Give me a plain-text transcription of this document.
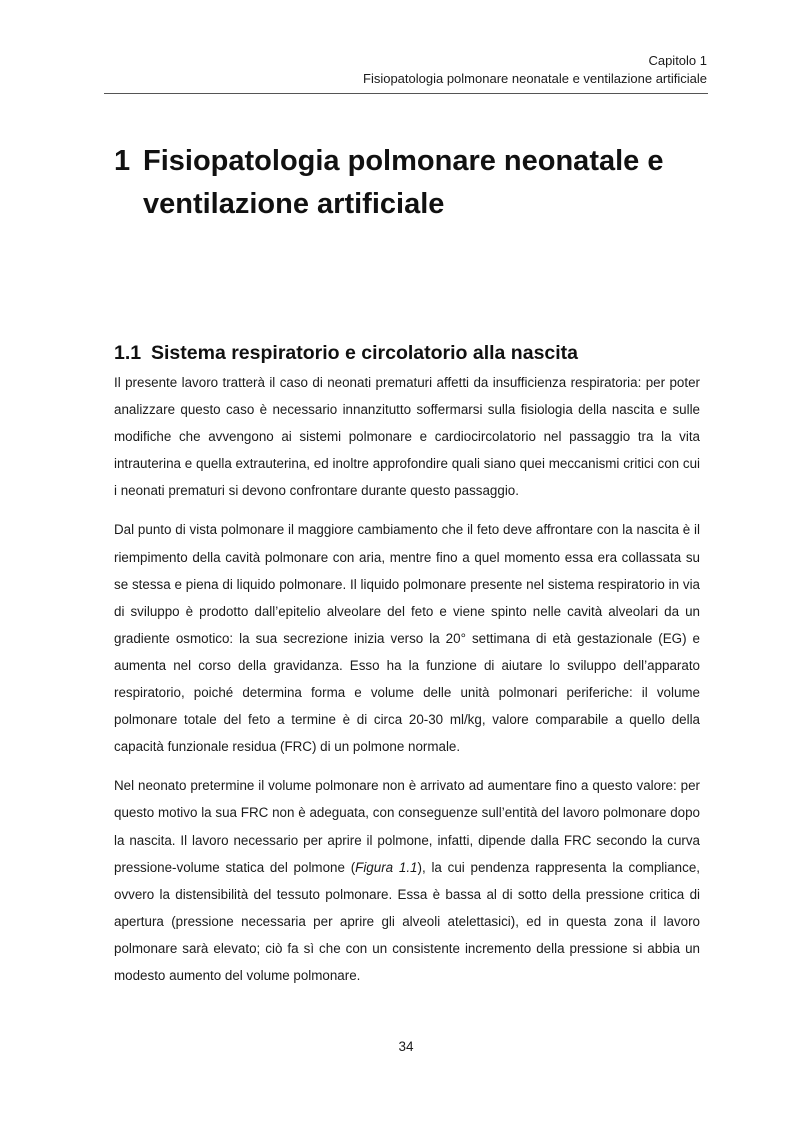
Capitolo 1
Fisiopatologia polmonare neonatale e ventilazione artificiale
1 Fisiopatologia polmonare neonatale e ventilazione artificiale
1.1 Sistema respiratorio e circolatorio alla nascita

Il presente lavoro tratterà il caso di neonati prematuri affetti da insufficienza respiratoria: per poter analizzare questo caso è necessario innanzitutto soffermarsi sulla fisiologia della nascita e sulle modifiche che avvengono ai sistemi polmonare e cardiocircolatorio nel passaggio tra la vita intrauterina e quella extrauterina, ed inoltre approfondire quali siano quei meccanismi critici con cui i neonati prematuri si devono confrontare durante questo passaggio.

Dal punto di vista polmonare il maggiore cambiamento che il feto deve affrontare con la nascita è il riempimento della cavità polmonare con aria, mentre fino a quel momento essa era collassata su se stessa e piena di liquido polmonare. Il liquido polmonare presente nel sistema respiratorio in via di sviluppo è prodotto dall’epitelio alveolare del feto e viene spinto nelle cavità alveolari da un gradiente osmotico: la sua secrezione inizia verso la 20° settimana di età gestazionale (EG) e aumenta nel corso della gravidanza. Esso ha la funzione di aiutare lo sviluppo dell’apparato respiratorio, poiché determina forma e volume delle unità polmonari periferiche: il volume polmonare totale del feto a termine è di circa 20-30 ml/kg, valore comparabile a quello della capacità funzionale residua (FRC) di un polmone normale.

Nel neonato pretermine il volume polmonare non è arrivato ad aumentare fino a questo valore: per questo motivo la sua FRC non è adeguata, con conseguenze sull’entità del lavoro polmonare dopo la nascita. Il lavoro necessario per aprire il polmone, infatti, dipende dalla FRC secondo la curva pressione-volume statica del polmone (Figura 1.1), la cui pendenza rappresenta la compliance, ovvero la distensibilità del tessuto polmonare. Essa è bassa al di sotto della pressione critica di apertura (pressione necessaria per aprire gli alveoli atelettasici), ed in questa zona il lavoro polmonare sarà elevato; ciò fa sì che con un consistente incremento della pressione si abbia un modesto aumento del volume polmonare.

34
